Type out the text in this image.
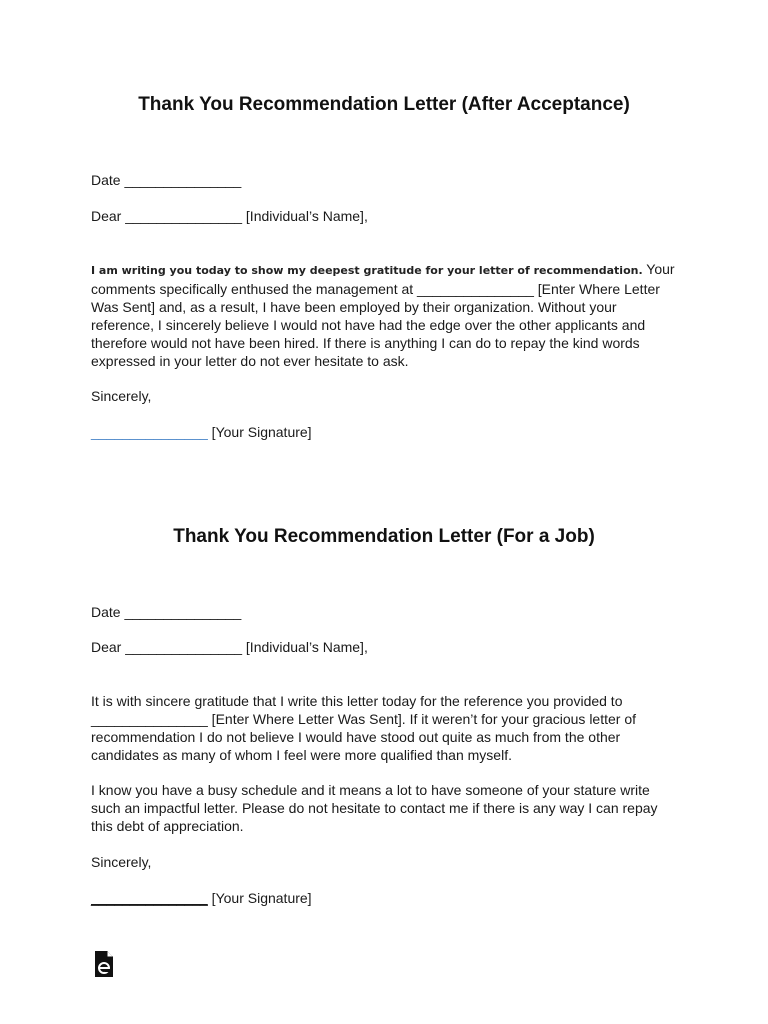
Thank You Recommendation Letter (After Acceptance)
Date _______________
Dear _______________ [Individual’s Name],

I am writing you today to show my deepest gratitude for your letter of recommendation. Your comments specifically enthused the management at _______________ [Enter Where Letter Was Sent] and, as a result, I have been employed by their organization. Without your reference, I sincerely believe I would not have had the edge over the other applicants and therefore would not have been hired. If there is anything I can do to repay the kind words expressed in your letter do not ever hesitate to ask.

Sincerely,
_______________ [Your Signature]
Thank You Recommendation Letter (For a Job)
Date _______________
Dear _______________ [Individual’s Name],

It is with sincere gratitude that I write this letter today for the reference you provided to _______________ [Enter Where Letter Was Sent]. If it weren’t for your gracious letter of recommendation I do not believe I would have stood out quite as much from the other candidates as many of whom I feel were more qualified than myself.

I know you have a busy schedule and it means a lot to have someone of your stature write such an impactful letter. Please do not hesitate to contact me if there is any way I can repay this debt of appreciation.

Sincerely,
_______________ [Your Signature]
